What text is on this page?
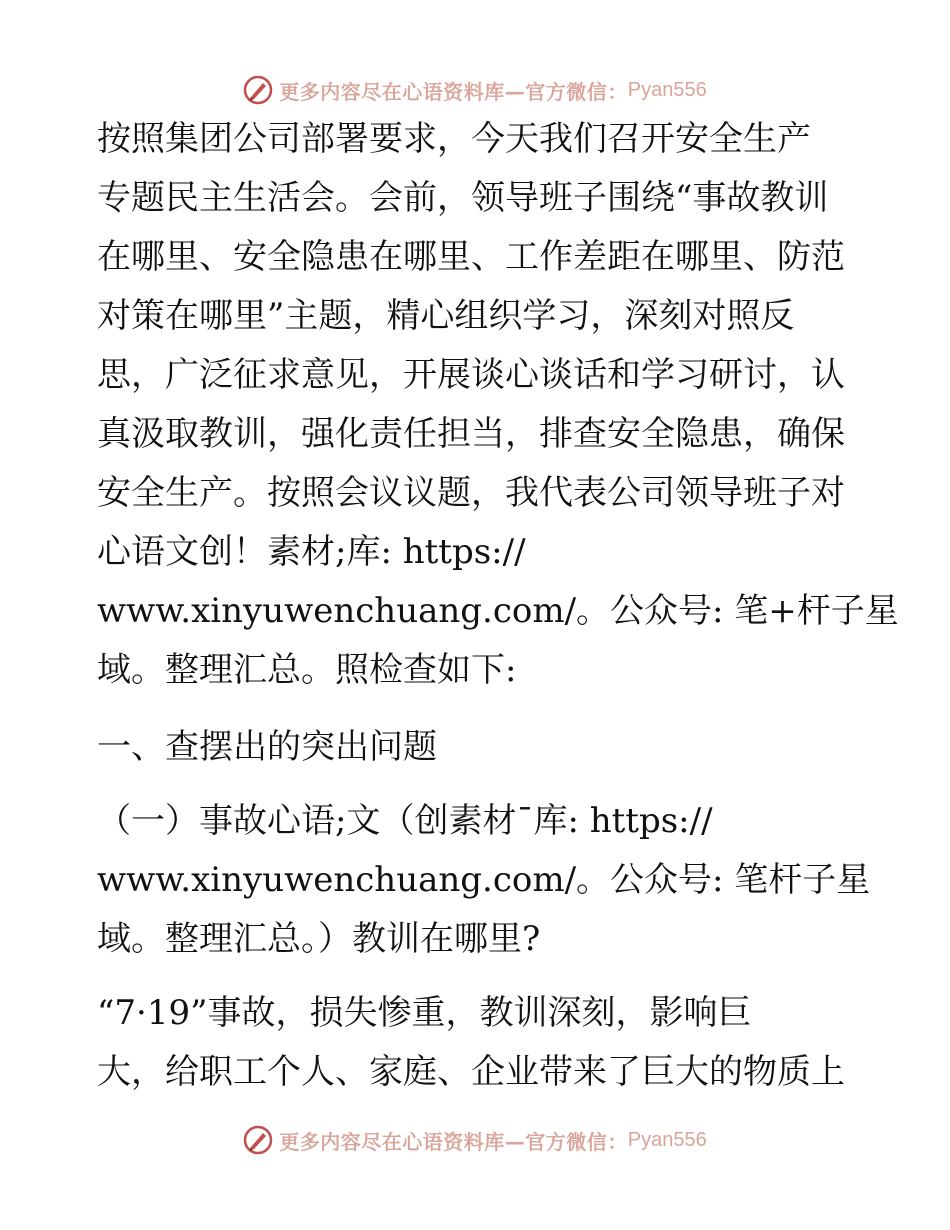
更多内容尽在心语资料库—官方微信： Pyan556
按照集团公司部署要求，今天我们召开安全生产
专题民主生活会。会前，领导班子围绕“事故教训
在哪里、安全隐患在哪里、工作差距在哪里、防范
对策在哪里”主题，精心组织学习，深刻对照反
思，广泛征求意见，开展谈心谈话和学习研讨，认
真汲取教训，强化责任担当，排查安全隐患，确保
安全生产。按照会议议题，我代表公司领导班子对
心语文创！素材;库: https://
www.xinyuwenchuang.com/。公众号: 笔+杆子星
域。整理汇总。照检查如下:
一、查摆出的突出问题
（一）事故心语;文（创素材¯库: https://
www.xinyuwenchuang.com/。公众号: 笔杆子星
域。整理汇总。）教训在哪里?
“7·19”事故，损失惨重，教训深刻，影响巨
大，给职工个人、家庭、企业带来了巨大的物质上
更多内容尽在心语资料库—官方微信： Pyan556
